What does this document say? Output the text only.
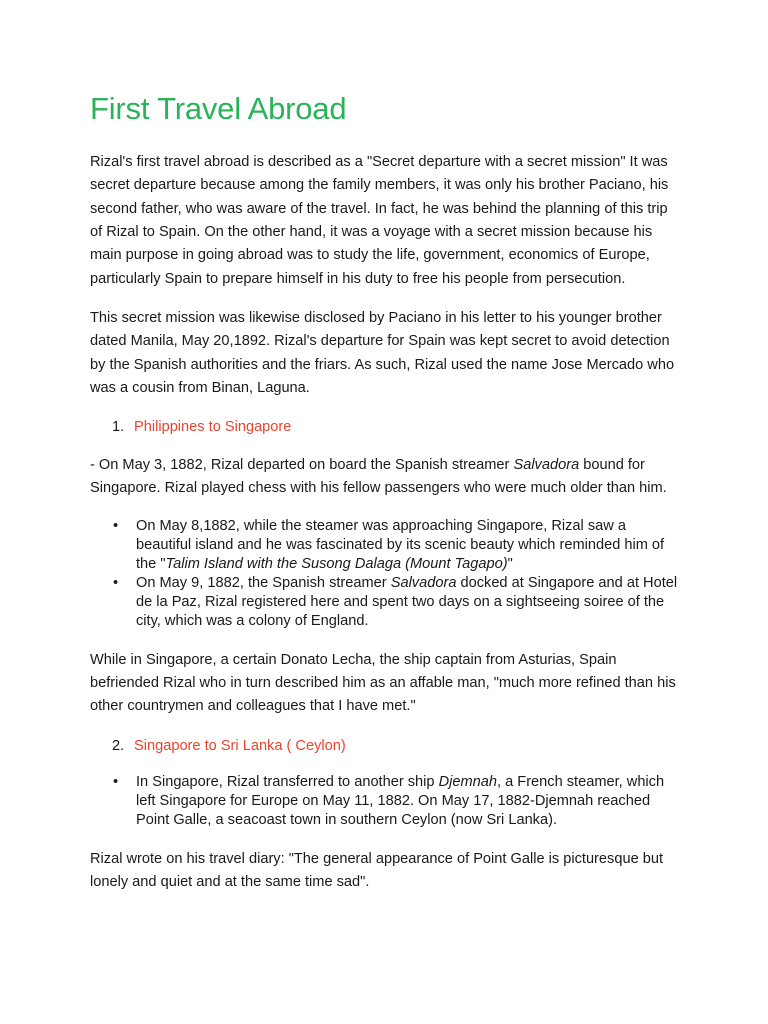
First Travel Abroad

Rizal's first travel abroad is described as a "Secret departure with a secret mission" It was secret departure because among the family members, it was only his brother Paciano, his second father, who was aware of the travel. In fact, he was behind the planning of this trip of Rizal to Spain. On the other hand, it was a voyage with a secret mission because his main purpose in going abroad was to study the life, government, economics of Europe, particularly Spain to prepare himself in his duty to free his people from persecution.

This secret mission was likewise disclosed by Paciano in his letter to his younger brother dated Manila, May 20,1892. Rizal's departure for Spain was kept secret to avoid detection by the Spanish authorities and the friars. As such, Rizal used the name Jose Mercado who was a cousin from Binan, Laguna.

1. Philippines to Singapore

- On May 3, 1882, Rizal departed on board the Spanish streamer Salvadora bound for Singapore. Rizal played chess with his fellow passengers who were much older than him.

• On May 8,1882, while the steamer was approaching Singapore, Rizal saw a beautiful island and he was fascinated by its scenic beauty which reminded him of the "Talim Island with the Susong Dalaga (Mount Tagapo)"
• On May 9, 1882, the Spanish streamer Salvadora docked at Singapore and at Hotel de la Paz, Rizal registered here and spent two days on a sightseeing soiree of the city, which was a colony of England.

While in Singapore, a certain Donato Lecha, the ship captain from Asturias, Spain befriended Rizal who in turn described him as an affable man, "much more refined than his other countrymen and colleagues that I have met."

2. Singapore to Sri Lanka ( Ceylon)
• In Singapore, Rizal transferred to another ship Djemnah, a French steamer, which left Singapore for Europe on May 11, 1882. On May 17, 1882-Djemnah reached Point Galle, a seacoast town in southern Ceylon (now Sri Lanka).

Rizal wrote on his travel diary: "The general appearance of Point Galle is picturesque but lonely and quiet and at the same time sad".
